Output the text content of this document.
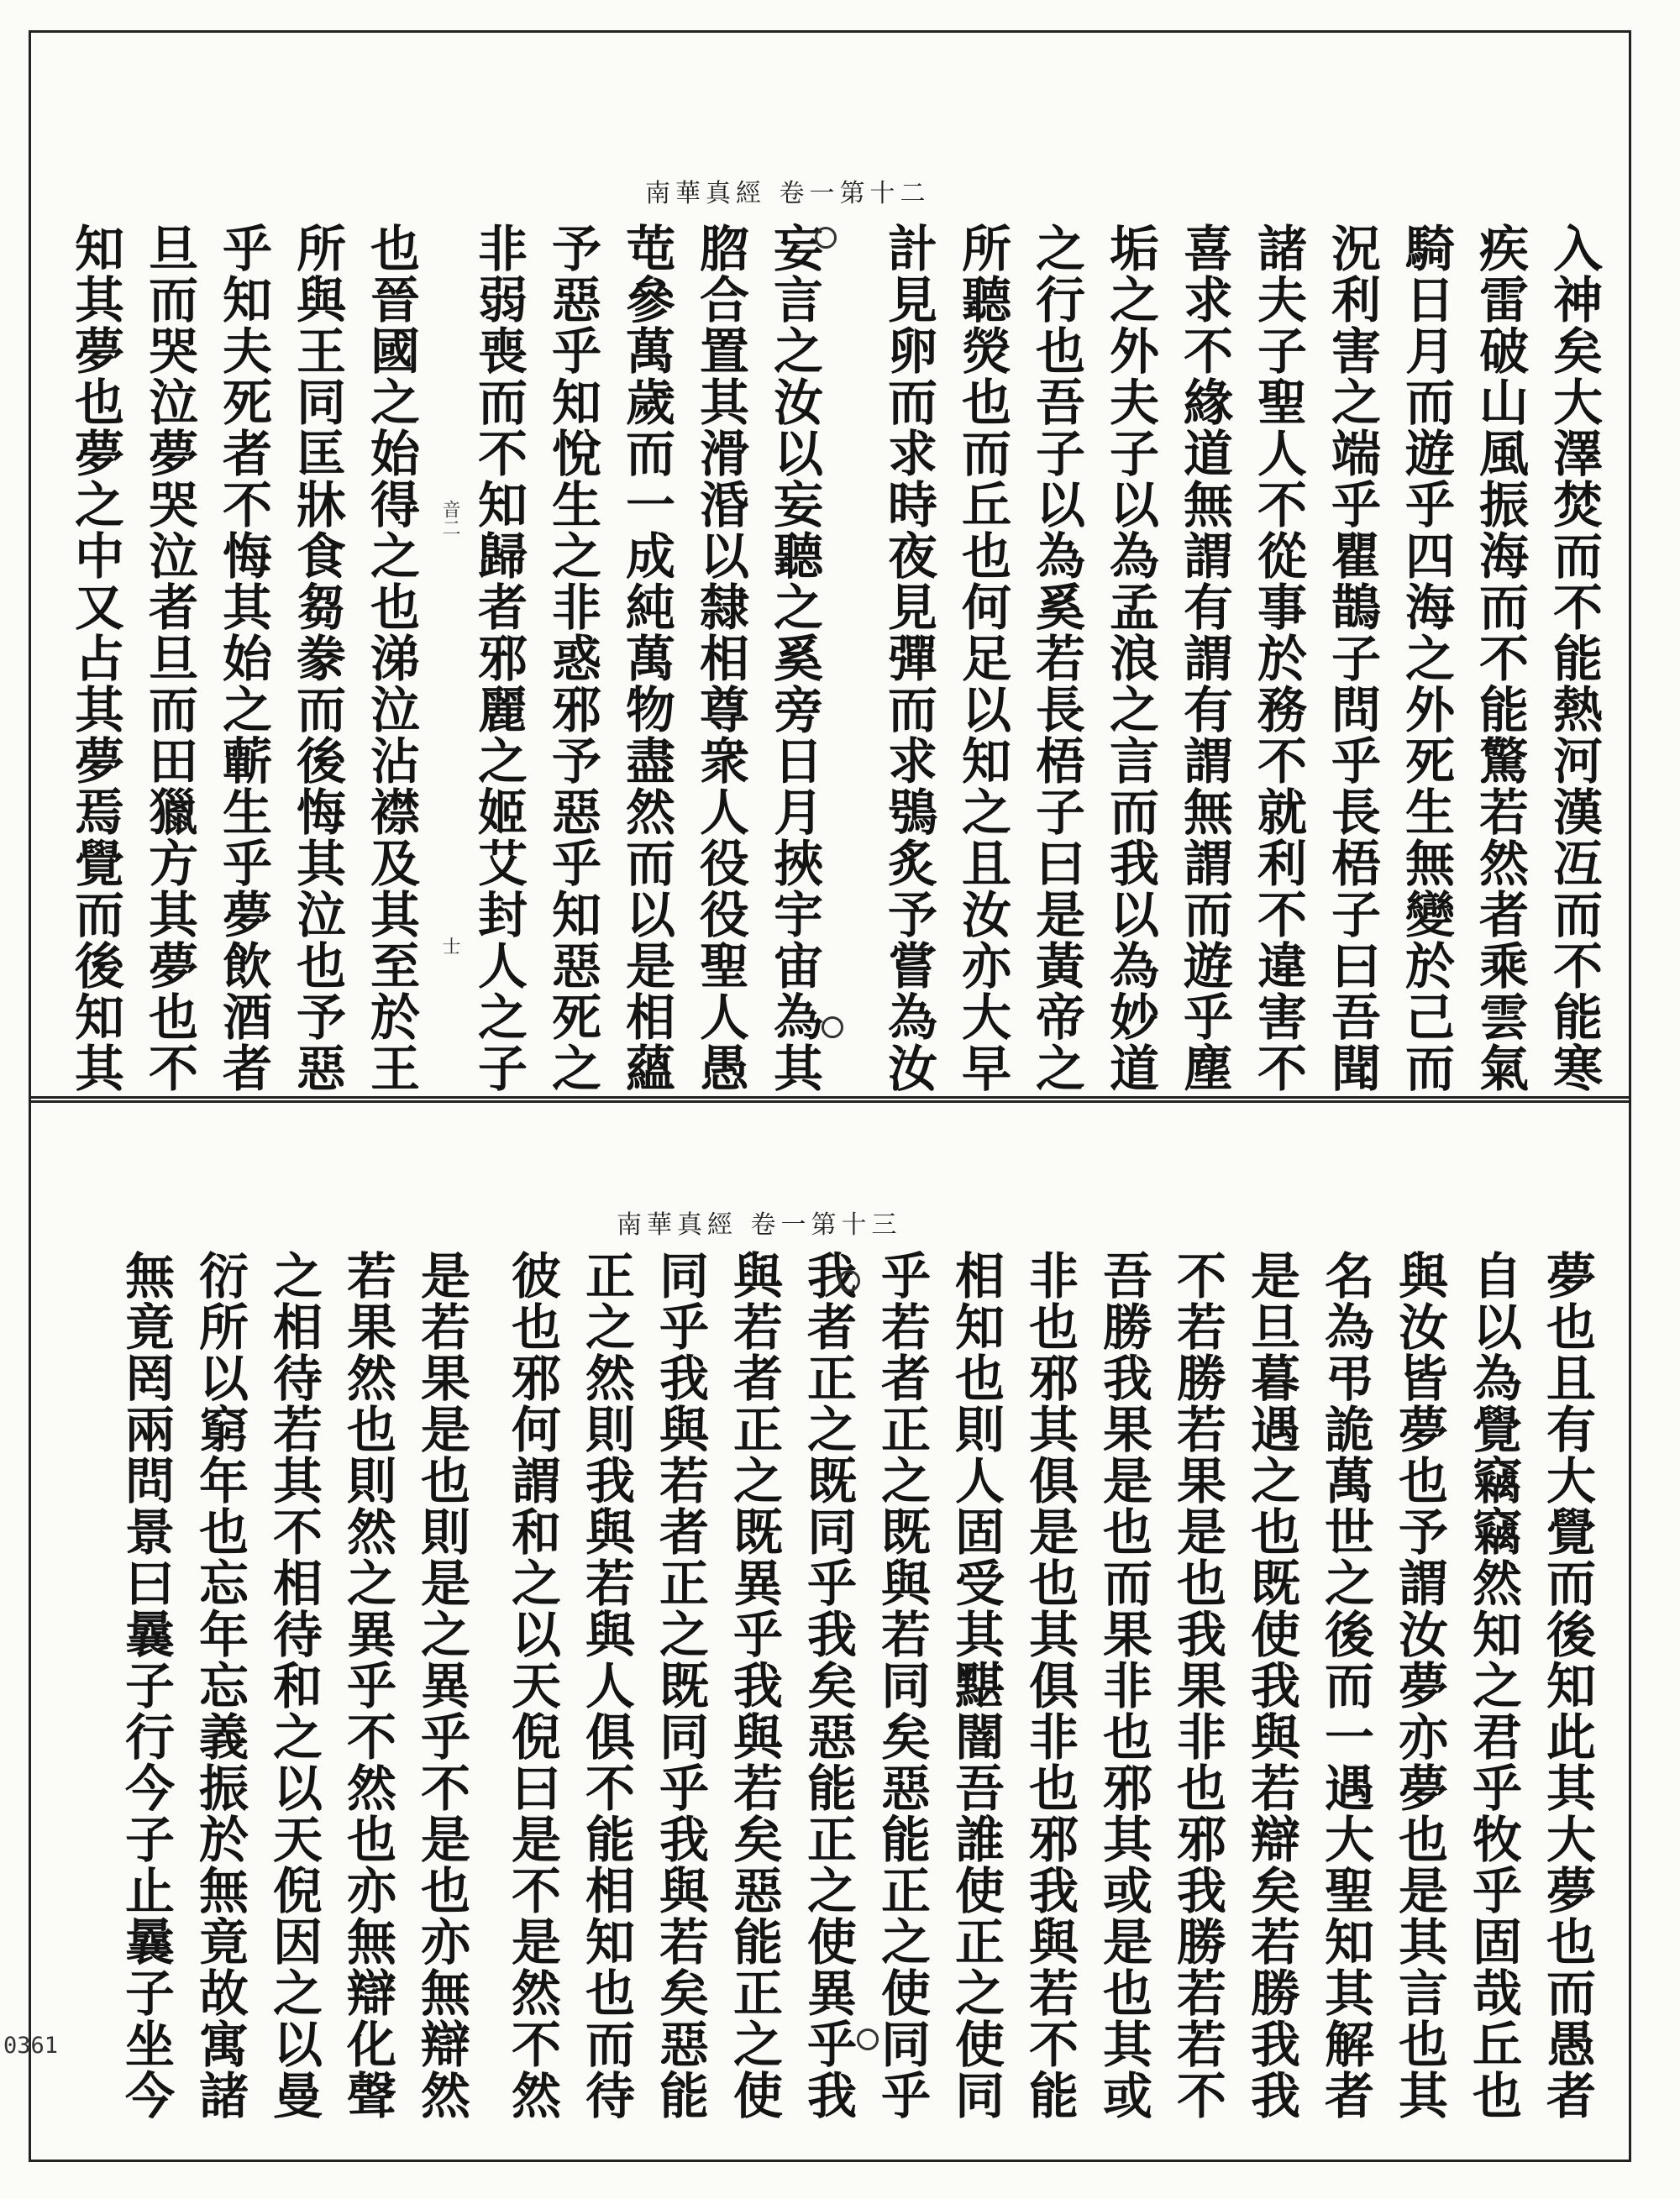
0361
南華真經 卷一第十二
入神矣大澤焚而不能熱河漢冱而不能寒
疾雷破山風振海而不能驚若然者乘雲氣
騎日月而遊乎四海之外死生無變於己而
況利害之端乎瞿鵲子問乎長梧子曰吾聞
諸夫子聖人不從事於務不就利不違害不
喜求不緣道無謂有謂有謂無謂而遊乎塵
垢之外夫子以為孟浪之言而我以為妙道
之行也吾子以為奚若長梧子曰是黃帝之
所聽熒也而丘也何足以知之且汝亦大早
計見卵而求時夜見彈而求鴞炙予嘗為汝
妄言之汝以妄聽之奚旁日月挾宇宙為其
脗合置其滑涽以隸相尊衆人役役聖人愚
芚參萬歲而一成純萬物盡然而以是相蘊
予惡乎知悅生之非惑邪予惡乎知惡死之
非弱喪而不知歸者邪麗之姬艾封人之子
也晉國之始得之也涕泣沾襟及其至於王
所與王同匡牀食芻豢而後悔其泣也予惡
乎知夫死者不悔其始之蘄生乎夢飲酒者
旦而哭泣夢哭泣者旦而田獵方其夢也不
知其夢也夢之中又占其夢焉覺而後知其	音二
士
南華真經 卷一第十三
夢也且有大覺而後知此其大夢也而愚者
自以為覺竊竊然知之君乎牧乎固哉丘也
與汝皆夢也予謂汝夢亦夢也是其言也其
名為弔詭萬世之後而一遇大聖知其解者
是旦暮遇之也既使我與若辯矣若勝我我
不若勝若果是也我果非也邪我勝若若不
吾勝我果是也而果非也邪其或是也其或
非也邪其俱是也其俱非也邪我與若不能
相知也則人固受其黮闇吾誰使正之使同
乎若者正之既與若同矣惡能正之使同乎
我者正之既同乎我矣惡能正之使異乎我
與若者正之既異乎我與若矣惡能正之使
同乎我與若者正之既同乎我與若矣惡能
正之然則我與若與人俱不能相知也而待
彼也邪何謂和之以天倪曰是不是然不然
是若果是也則是之異乎不是也亦無辯然
若果然也則然之異乎不然也亦無辯化聲
之相待若其不相待和之以天倪因之以曼
衍所以窮年也忘年忘義振於無竟故寓諸
無竟罔兩問景曰曩子行今子止曩子坐今
